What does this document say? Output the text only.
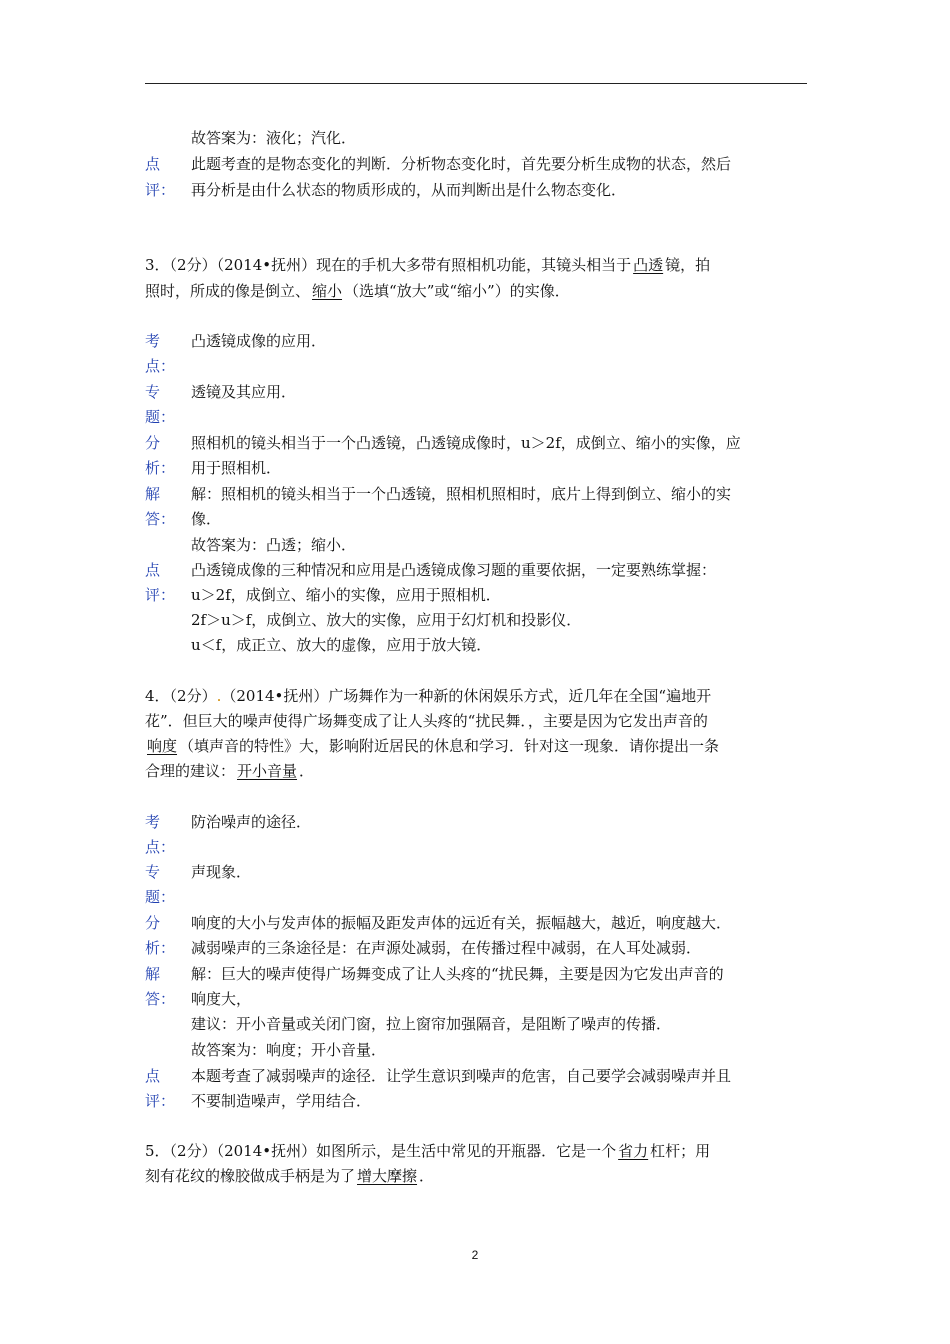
故答案为：液化；汽化．
点
评：
此题考查的是物态变化的判断．分析物态变化时，首先要分析生成物的状态，然后
再分析是由什么状态的物质形成的，从而判断出是什么物态变化．
3．（2分）（2014•抚州）现在的手机大多带有照相机功能，其镜头相当于 凸透 镜，拍
照时，所成的像是倒立、 缩小 （选填“放大”或“缩小”）的实像．
考
点：
凸透镜成像的应用．
专
题：
透镜及其应用．
分
析：
照相机的镜头相当于一个凸透镜，凸透镜成像时，u＞2f，成倒立、缩小的实像，应
用于照相机．
解
答：
解：照相机的镜头相当于一个凸透镜，照相机照相时，底片上得到倒立、缩小的实
像．
故答案为：凸透；缩小．
点
评：
凸透镜成像的三种情况和应用是凸透镜成像习题的重要依据，一定要熟练掌握：
u＞2f，成倒立、缩小的实像，应用于照相机．
2f＞u＞f，成倒立、放大的实像，应用于幻灯机和投影仪．
u＜f，成正立、放大的虚像，应用于放大镜．
4．（2分）.（2014•抚州）广场舞作为一种新的休闲娱乐方式，近几年在全国“遍地开
花”．但巨大的噪声使得广场舞变成了让人头疼的“扰民舞．，主要是因为它发出声音的
响度 （填声音的特性》大，影响附近居民的休息和学习．针对这一现象．请你提出一条
合理的建议： 开小音量 ．
考
点：
防治噪声的途径．
专
题：
声现象．
分
析：
响度的大小与发声体的振幅及距发声体的远近有关，振幅越大，越近，响度越大．
减弱噪声的三条途径是：在声源处减弱，在传播过程中减弱，在人耳处减弱．
解
答：
解：巨大的噪声使得广场舞变成了让人头疼的“扰民舞，主要是因为它发出声音的
响度大，
建议：开小音量或关闭门窗，拉上窗帘加强隔音，是阻断了噪声的传播．
故答案为：响度；开小音量．
点
评：
本题考查了减弱噪声的途径．让学生意识到噪声的危害，自己要学会减弱噪声并且
不要制造噪声，学用结合．
5．（2分）（2014•抚州）如图所示，是生活中常见的开瓶器．它是一个 省力 杠杆；用
刻有花纹的橡胶做成手柄是为了 增大摩擦 ．
2
